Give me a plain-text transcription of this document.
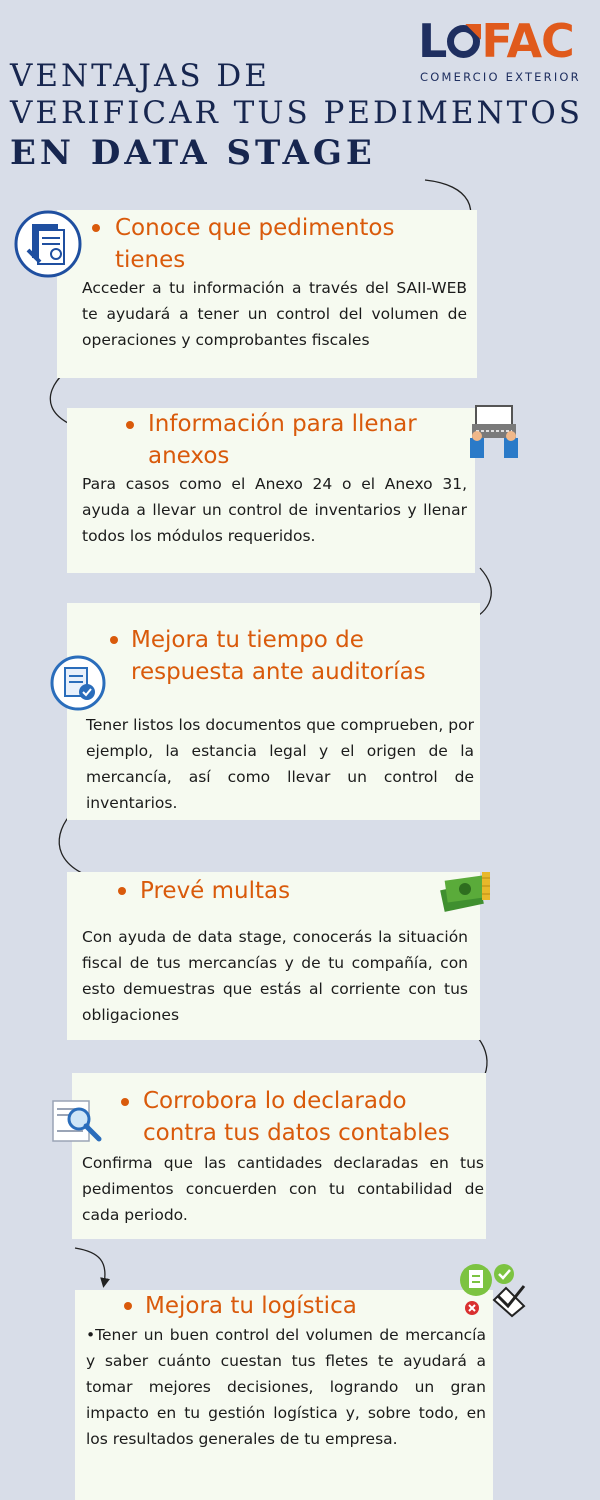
VENTAJAS DE
VERIFICAR TUS PEDIMENTOS
EN DATA STAGE
L FAC
COMERCIO EXTERIOR
Conoce que pedimentos tienes

Acceder a tu información a través del SAII-WEB te ayudará a tener un control del volumen de operaciones y comprobantes fiscales

Información para llenar anexos

Para casos como el Anexo 24 o el Anexo 31, ayuda a llevar un control de inventarios y llenar todos los módulos requeridos.

Mejora tu tiempo de respuesta ante auditorías

Tener listos los documentos que comprueben, por ejemplo, la estancia legal y el origen de la mercancía, así como llevar un control de inventarios.

Prevé multas

Con ayuda de data stage, conocerás la situación fiscal de tus mercancías y de tu compañía, con esto demuestras que estás al corriente con tus obligaciones

Corrobora lo declarado contra tus datos contables

Confirma que las cantidades declaradas en tus pedimentos concuerden con tu contabilidad de cada periodo.

Mejora tu logística

•Tener un buen control del volumen de mercancía y saber cuánto cuestan tus fletes te ayudará a tomar mejores decisiones, logrando un gran impacto en tu gestión logística y, sobre todo, en los resultados generales de tu empresa.
